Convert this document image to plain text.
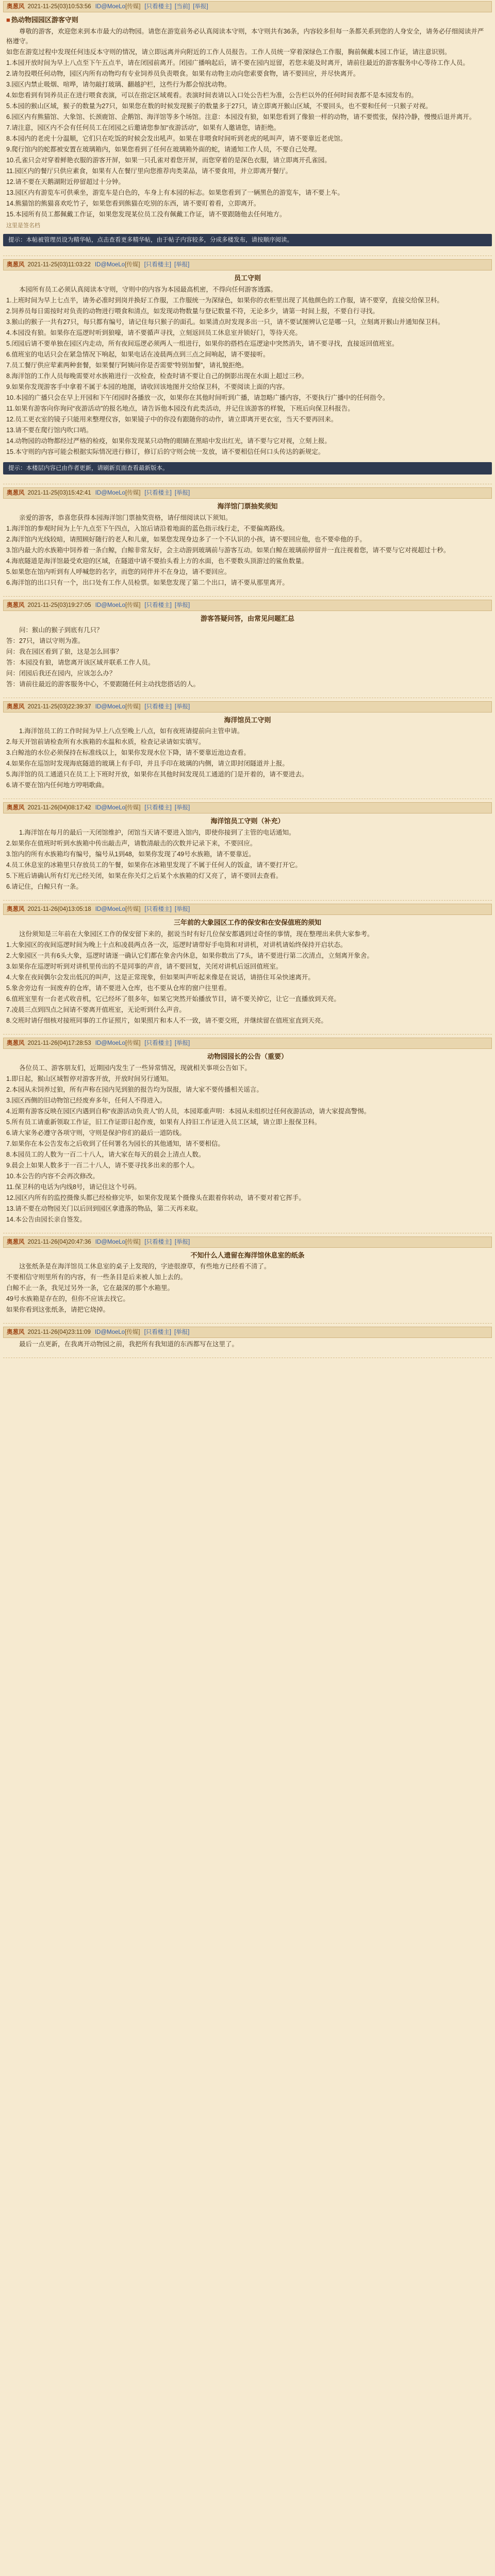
奥葱风 2021-11-25(03)10:53:56 ID@MoeLo[传媒] [只看楼主] [当前] [举报]
■ 热动物园园区游客守则

尊敬的游客，欢迎您来到本市最大的动物园。请您在游览前务必认真阅读本守则，本守则共有36条，内容较多但每一条都关系到您的人身安全，请务必仔细阅读并严格遵守。

如您在游览过程中发现任何违反本守则的情况，请立即远离并向附近的工作人员报告。工作人员统一穿着深绿色工作服，胸前佩戴本园工作证，请注意识别。

1.本园开放时间为早上八点至下午五点半，请在闭园前离开。闭园广播响起后，请不要在园内逗留，若您未能及时离开，请前往最近的游客服务中心等待工作人员。

2.请勿投喂任何动物，园区内所有动物均有专业饲养员负责喂食。如果有动物主动向您索要食物，请不要回应，并尽快离开。

3.园区内禁止吸烟、喧哗，请勿敲打玻璃、翻越护栏，这些行为都会惊扰动物。

4.如您看到有饲养员正在进行喂食表演，可以在指定区域观看。表演时间表请以入口处公告栏为准，公告栏以外的任何时间表都不是本园发布的。

5.本园的猴山区域，猴子的数量为27只，如果您在数的时候发现猴子的数量多于27只，请立即离开猴山区域，不要回头，也不要和任何一只猴子对视。

6.园区内有熊猫馆、大象馆、长颈鹿馆、企鹅馆、海洋馆等多个场馆。注意：本园没有狼，如果您看到了像狼一样的动物，请不要慌张，保持冷静，慢慢后退并离开。

7.请注意，园区内不会有任何员工在闭园之后邀请您参加“夜游活动”，如果有人邀请您，请拒绝。

8.本园内的老虎十分温顺，它们只在吃饭的时候会发出吼声。如果在非喂食时间听到老虎的吼叫声，请不要靠近老虎馆。

9.爬行馆内的蛇都被安置在玻璃箱内，如果您看到了任何在玻璃箱外面的蛇，请通知工作人员，不要自己处理。

10.孔雀只会对穿着鲜艳衣服的游客开屏，如果一只孔雀对着您开屏，而您穿着的是深色衣服，请立即离开孔雀园。

11.园区内的餐厅只供应素食，如果有人在餐厅里向您推荐肉类菜品，请不要食用，并立即离开餐厅。

12.请不要在天鹅湖附近停留超过十分钟。

13.园区内有游览车可供乘坐，游览车是白色的，车身上有本园的标志。如果您看到了一辆黑色的游览车，请不要上车。

14.熊猫馆的熊猫喜欢吃竹子，如果您看到熊猫在吃别的东西，请不要盯着看，立即离开。

15.本园所有员工都佩戴工作证，如果您发现某位员工没有佩戴工作证，请不要跟随他去任何地方。

这里是签名档
提示：本帖被管理员设为精华帖，点击查看更多精华帖，由于帖子内容较多，分成多楼发布，请按顺序阅读。
奥葱风 2021-11-25(03)11:03:22 ID@MoeLo[传媒] [只看楼主] [举报]
员工守则

本园所有员工必须认真阅读本守则，守则中的内容为本园最高机密，不得向任何游客透露。

1.上班时间为早上七点半，请务必准时到岗并换好工作服，工作服统一为深绿色，如果你的衣柜里出现了其他颜色的工作服，请不要穿，直接交给保卫科。

2.饲养员每日需按时对负责的动物进行喂食和清点，如发现动物数量与登记数量不符，无论多少，请第一时间上报，不要自行寻找。

3.猴山的猴子一共有27只，每只都有编号，请记住每只猴子的面孔。如果清点时发现多出一只，请不要试图辨认它是哪一只，立刻离开猴山并通知保卫科。

4.本园没有狼。如果你在巡逻时听到狼嚎，请不要循声寻找，立刻返回员工休息室并锁好门，等待天亮。

5.闭园后请不要单独在园区内走动，所有夜间巡逻必须两人一组进行，如果你的搭档在巡逻途中突然消失，请不要寻找，直接返回值班室。

6.值班室的电话只会在紧急情况下响起，如果电话在凌晨两点到三点之间响起，请不要接听。

7.员工餐厅供应荤素两种套餐，如果餐厅阿姨问你是否需要“特别加餐”，请礼貌拒绝。

8.海洋馆的工作人员每晚需要对水族箱进行一次检查，检查时请不要让自己的倒影出现在水面上超过三秒。

9.如果你发现游客手中拿着不属于本园的地图，请收回该地图并交给保卫科，不要阅读上面的内容。

10.本园的广播只会在早上开园和下午闭园时各播放一次，如果你在其他时间听到广播，请忽略广播内容，不要执行广播中的任何指令。

11.如果有游客向你询问“夜游活动”的报名地点，请告诉他本园没有此类活动，并记住该游客的样貌，下班后向保卫科报告。

12.员工更衣室的镜子只能用来整理仪容，如果镜子中的你没有跟随你的动作，请立即离开更衣室，当天不要再回来。

13.请不要在爬行馆内吹口哨。

14.动物园的动物都经过严格的检疫，如果你发现某只动物的眼睛在黑暗中发出红光，请不要与它对视，立刻上报。

15.本守则的内容可能会根据实际情况进行修订，修订后的守则会统一发放，请不要相信任何口头传达的新规定。

提示：本楼层内容已由作者更新，请刷新页面查看最新版本。
奥葱风 2021-11-25(03)15:42:41 ID@MoeLo[传媒] [只看楼主] [举报]
海洋馆门票抽奖须知

亲爱的游客，恭喜您获得本园海洋馆门票抽奖资格，请仔细阅读以下须知。

1.海洋馆的参观时间为上午九点至下午四点，入馆后请沿着地面的蓝色指示线行走，不要偏离路线。

2.海洋馆内光线较暗，请照顾好随行的老人和儿童，如果您发现身边多了一个不认识的小孩，请不要回应他，也不要牵他的手。

3.馆内最大的水族箱中饲养着一条白鲸，白鲸非常友好，会主动游到玻璃前与游客互动。如果白鲸在玻璃前停留并一直注视着您，请不要与它对视超过十秒。

4.海底隧道是海洋馆最受欢迎的区域，在隧道中请不要抬头看上方的水面，也不要数头顶游过的鲨鱼数量。

5.如果您在馆内听到有人呼喊您的名字，而您的同伴并不在身边，请不要回应。

6.海洋馆的出口只有一个，出口处有工作人员检票。如果您发现了第二个出口，请不要从那里离开。

奥葱风 2021-11-25(03)19:27:05 ID@MoeLo[传媒] [只看楼主] [举报]
游客答疑问答，由常见问题汇总

问：猴山的猴子到底有几只？

答：27只，请以守则为准。

问：我在园区看到了狼，这是怎么回事？

答：本园没有狼，请您离开该区域并联系工作人员。

问：闭园后我还在园内，应该怎么办？

答：请前往最近的游客服务中心，不要跟随任何主动找您搭话的人。

奥葱风 2021-11-25(03)22:39:37 ID@MoeLo[传媒] [只看楼主] [举报]
海洋馆员工守则

1.海洋馆员工的工作时间为早上八点至晚上八点，如有夜班请提前向主管申请。

2.每天开馆前请检查所有水族箱的水温和水质，检查记录请如实填写。

3.白鲸池的水位必须保持在标准线以上，如果你发现水位下降，请不要靠近池边查看。

4.如果你在巡馆时发现海底隧道的玻璃上有手印，并且手印在玻璃的内侧，请立即封闭隧道并上报。

5.海洋馆的员工通道只在员工上下班时开放，如果你在其他时间发现员工通道的门是开着的，请不要进去。

6.请不要在馆内任何地方哼唱歌曲。

奥葱风 2021-11-26(04)08:17:42 ID@MoeLo[传媒] [只看楼主] [举报]
海洋馆员工守则（补充）

1.海洋馆在每月的最后一天闭馆维护，闭馆当天请不要进入馆内，即使你接到了主管的电话通知。

2.如果你在值班时听到水族箱中传出敲击声，请数清敲击的次数并记录下来，不要回应。

3.馆内的所有水族箱均有编号，编号从1到48，如果你发现了49号水族箱，请不要靠近。

4.员工休息室的冰箱里只存放员工的午餐，如果你在冰箱里发现了不属于任何人的饭盒，请不要打开它。

5.下班后请确认所有灯光已经关闭，如果在你关灯之后某个水族箱的灯又亮了，请不要回去查看。

6.请记住，白鲸只有一条。

奥葱风 2021-11-26(04)13:05:18 ID@MoeLo[传媒] [只看楼主] [举报]
三年前的大象园区工作的保安和在安保值班的须知

这份须知是三年前在大象园区工作的保安留下来的，据说当时有好几位保安都遇到过奇怪的事情，现在整理出来供大家参考。

1.大象园区的夜间巡逻时间为晚上十点和凌晨两点各一次，巡逻时请带好手电筒和对讲机，对讲机请始终保持开启状态。

2.大象园区一共有6头大象，巡逻时请逐一确认它们都在象舍内休息，如果你数出了7头，请不要进行第二次清点，立刻离开象舍。

3.如果你在巡逻时听到对讲机里传出的不是同事的声音，请不要回复，关闭对讲机后返回值班室。

4.大象在夜间偶尔会发出低沉的叫声，这是正常现象，但如果叫声听起来像是在说话，请捂住耳朵快速离开。

5.象舍旁边有一间废弃的仓库，请不要进入仓库，也不要从仓库的窗户往里看。

6.值班室里有一台老式收音机，它已经坏了很多年，如果它突然开始播放节目，请不要关掉它，让它一直播放到天亮。

7.凌晨三点到四点之间请不要离开值班室，无论听到什么声音。

8.交班时请仔细核对接班同事的工作证照片，如果照片和本人不一致，请不要交班，并继续留在值班室直到天亮。

奥葱风 2021-11-26(04)17:28:53 ID@MoeLo[传媒] [只看楼主] [举报]
动物园园长的公告（重要）

各位员工、游客朋友们，近期园内发生了一些异常情况，现就相关事项公告如下。

1.即日起，猴山区域暂停对游客开放，开放时间另行通知。

2.本园从未饲养过狼，所有声称在园内见到狼的报告均为误报，请大家不要传播相关谣言。

3.园区西侧的旧动物馆已经废弃多年，任何人不得进入。

4.近期有游客反映在园区内遇到自称“夜游活动负责人”的人员，本园郑重声明：本园从未组织过任何夜游活动，请大家提高警惕。

5.所有员工请重新领取工作证，旧工作证即日起作废，如果有人持旧工作证进入员工区域，请立即上报保卫科。

6.请大家务必遵守各项守则，守则是保护你们的最后一道防线。

7.如果你在本公告发布之后收到了任何署名为园长的其他通知，请不要相信。

8.本园员工的人数为一百二十八人，请大家在每天的晨会上清点人数。

9.晨会上如果人数多于一百二十八人，请不要寻找多出来的那个人。

10.本公告的内容不会再次修改。

11.保卫科的电话为内线8号，请记住这个号码。

12.园区内所有的监控摄像头都已经检修完毕，如果你发现某个摄像头在跟着你转动，请不要对着它挥手。

13.请不要在动物园关门以后回到园区拿遗落的物品，第二天再来取。

14.本公告由园长亲自签发。

奥葱风 2021-11-26(04)20:47:36 ID@MoeLo[传媒] [只看楼主] [举报]
不知什么人遗留在海洋馆休息室的纸条

这张纸条是在海洋馆员工休息室的桌子上发现的，字迹很潦草，有些地方已经看不清了。

不要相信守则里所有的内容，有一些条目是后来被人加上去的。

白鲸不止一条，我见过另外一条，它在最深的那个水箱里。

49号水族箱是存在的，但你不应该去找它。

如果你看到这张纸条，请把它烧掉。

奥葱风 2021-11-26(04)23:11:09 ID@MoeLo[传媒] [只看楼主] [举报]

最后一点更新，在我离开动物园之前，我把所有我知道的东西都写在这里了。
